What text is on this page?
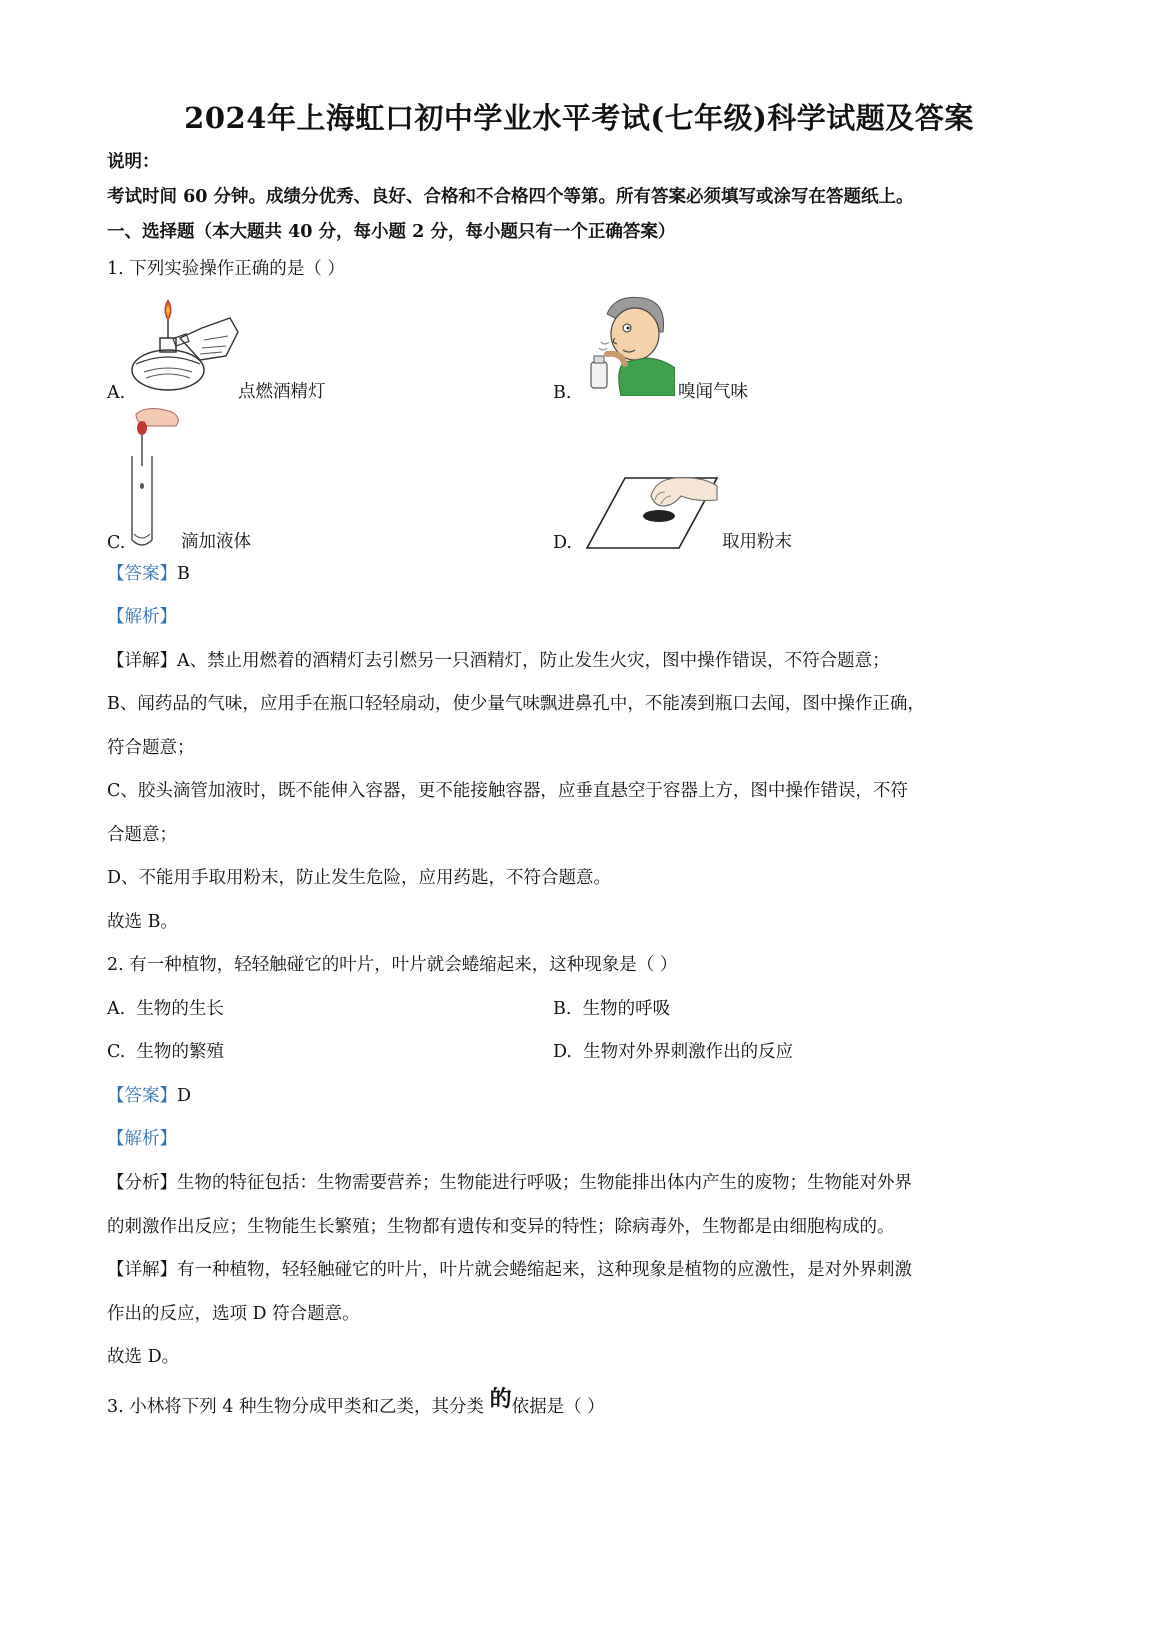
2024年上海虹口初中学业水平考试(七年级)科学试题及答案
说明：
考试时间 60 分钟。成绩分优秀、良好、合格和不合格四个等第。所有答案必须填写或涂写在答题纸上。
一、选择题（本大题共 40 分，每小题 2 分，每小题只有一个正确答案）
1. 下列实验操作正确的是（ ）
A.	点燃酒精灯	B.	嗅闻气味
C.	滴加液体	D.	取用粉末
【答案】B
【解析】
【详解】A、禁止用燃着的酒精灯去引燃另一只酒精灯，防止发生火灾，图中操作错误，不符合题意；
B、闻药品的气味，应用手在瓶口轻轻扇动，使少量气味飘进鼻孔中，不能凑到瓶口去闻，图中操作正确，
符合题意；
C、胶头滴管加液时，既不能伸入容器，更不能接触容器，应垂直悬空于容器上方，图中操作错误，不符
合题意；
D、不能用手取用粉末，防止发生危险，应用药匙，不符合题意。
故选 B。
2. 有一种植物，轻轻触碰它的叶片，叶片就会蜷缩起来，这种现象是（ ）
A. 生物的生长	B. 生物的呼吸
C. 生物的繁殖	D. 生物对外界刺激作出的反应
【答案】D
【解析】
【分析】生物的特征包括：生物需要营养；生物能进行呼吸；生物能排出体内产生的废物；生物能对外界
的刺激作出反应；生物能生长繁殖；生物都有遗传和变异的特性；除病毒外，生物都是由细胞构成的。
【详解】有一种植物，轻轻触碰它的叶片，叶片就会蜷缩起来，这种现象是植物的应激性，是对外界刺激
作出的反应，选项 D 符合题意。
故选 D。
3. 小林将下列 4 种生物分成甲类和乙类，其分类 的依据是（ ）
